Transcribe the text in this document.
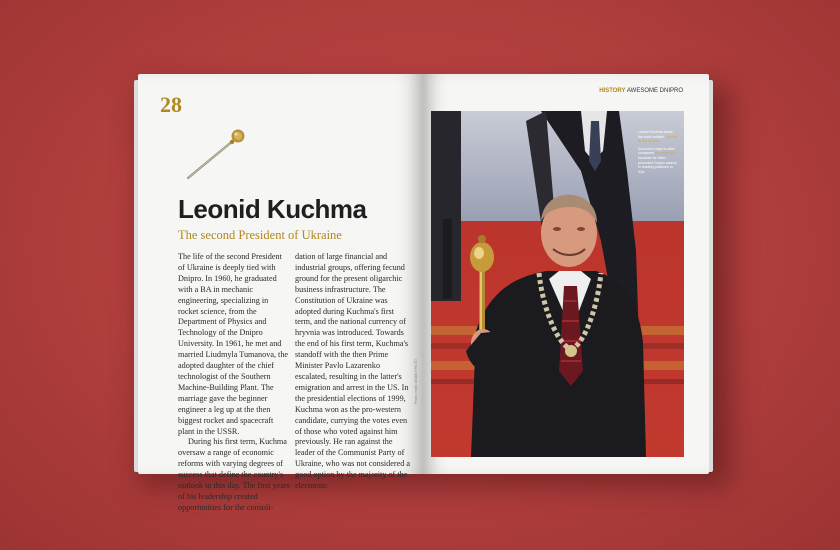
28
Leonid Kuchma
The second President of Ukraine

The life of the second President of Ukraine is deeply tied with Dnipro. In 1960, he graduated with a BA in mechanic engineering, specializing in rocket science, from the Department of Physics and Technology of the Dnipro University. In 1961, he met and married Liudmyla Tumanova, the adopted daughter of the chief technologist of the Southern Machine-Building Plant. The marriage gave the beginner engineer a leg up at the then biggest rocket and spacecraft plant in the USSR.

During his first term, Kuchma oversaw a range of economic reforms with varying degrees of success that define the country's outlook to this day. The first years of his leadership created opportunities for the consoli-

dation of large financial and industrial groups, offering fecund ground for the present oligarchic business infrastructure. The Constitution of Ukraine was adopted during Kuchma's first term, and the national currency of hryvnia was introduced. Towards the end of his first term, Kuchma's standoff with the then Prime Minister Pavlo Lazarenko escalated, resulting in the latter's emigration and arrest in the US. In the presidential elections of 1999, Kuchma won as the pro-western candidate, currying the votes even of those who voted against him previously. He ran against the leader of the Communist Party of Ukraine, who was not considered a good option by the majority of the electorate.

Photo credit: UNIAN PHOTO
HISTORY AWESOME DNIPRO

Leonid Kuchma wrote the book entitled Ukraine is not Russia

Kuchma's reign is often compared to Brezhnev's because he often promoted Dnipro cadres to leading positions in Kyiv
